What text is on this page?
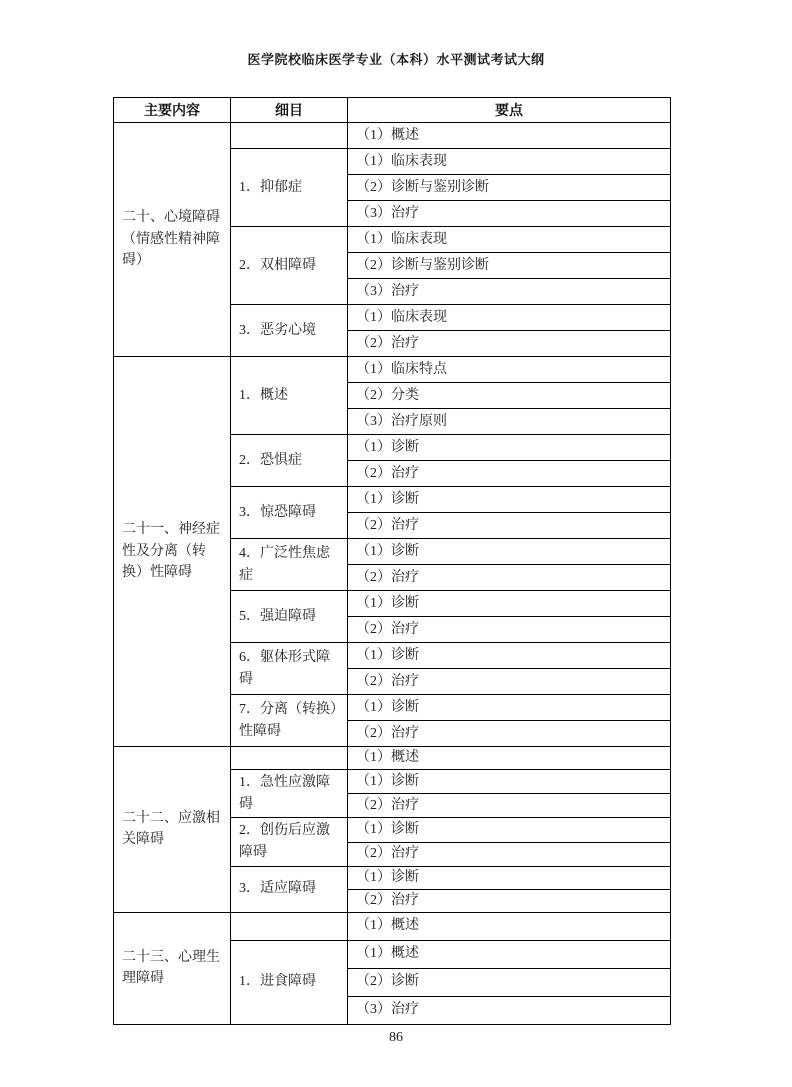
医学院校临床医学专业（本科）水平测试考试大纲
主要内容	细目	要点
二十、心境障碍（情感性精神障碍）		（1）概述
	1．抑郁症	（1）临床表现
		（2）诊断与鉴别诊断
		（3）治疗
	2．双相障碍	（1）临床表现
		（2）诊断与鉴别诊断
		（3）治疗
	3．恶劣心境	（1）临床表现
		（2）治疗
二十一、神经症性及分离（转换）性障碍	1．概述	（1）临床特点
		（2）分类
		（3）治疗原则
	2．恐惧症	（1）诊断
		（2）治疗
	3．惊恐障碍	（1）诊断
		（2）治疗
	4．广泛性焦虑症	（1）诊断
		（2）治疗
	5．强迫障碍	（1）诊断
		（2）治疗
	6．躯体形式障碍	（1）诊断
		（2）治疗
	7．分离（转换）性障碍	（1）诊断
		（2）治疗
二十二、应激相关障碍		（1）概述
	1．急性应激障碍	（1）诊断
		（2）治疗
	2．创伤后应激障碍	（1）诊断
		（2）治疗
	3．适应障碍	（1）诊断
		（2）治疗
二十三、心理生理障碍		（1）概述
	1．进食障碍	（1）概述
		（2）诊断
		（3）治疗
86
